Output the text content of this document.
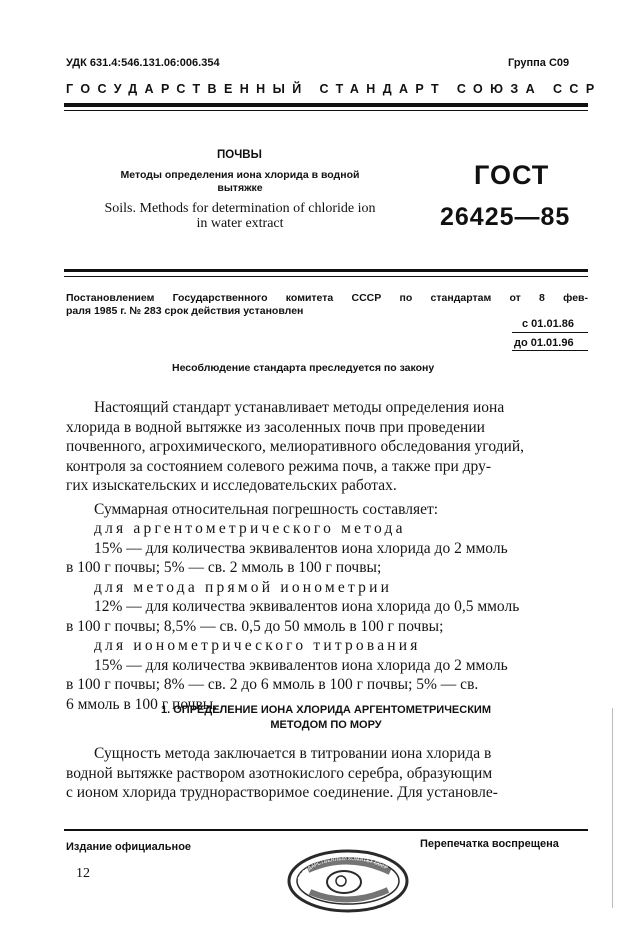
УДК 631.4:546.131.06:006.354	Группа С09
ГОСУДАРСТВЕННЫЙ СТАНДАРТ СОЮЗА ССР
ПОЧВЫ
Методы определения иона хлорида в водной
вытяжке
Soils. Methods for determination of chloride ion
in water extract
ГОСТ
26425—85
Постановлением Государственного комитета СССР по стандартам от 8 фев-
раля 1985 г. № 283 срок действия установлен
с 01.01.86
до 01.01.96
Несоблюдение стандарта преследуется по закону

Настоящий стандарт устанавливает методы определения иона

хлорида в водной вытяжке из засоленных почв при проведении

почвенного, агрохимического, мелиоративного обследования угодий,

контроля за состоянием солевого режима почв, а также при дру-

гих изыскательских и исследовательских работах.

Суммарная относительная погрешность составляет:

для аргентометрического метода

15% — для количества эквивалентов иона хлорида до 2 ммоль

в 100 г почвы; 5% — св. 2 ммоль в 100 г почвы;

для метода прямой ионометрии

12% — для количества эквивалентов иона хлорида до 0,5 ммоль

в 100 г почвы; 8,5% — св. 0,5 до 50 ммоль в 100 г почвы;

для ионометрического титрования

15% — для количества эквивалентов иона хлорида до 2 ммоль

в 100 г почвы; 8% — св. 2 до 6 ммоль в 100 г почвы; 5% — св.

6 ммоль в 100 г почвы.

1. ОПРЕДЕЛЕНИЕ ИОНА ХЛОРИДА АРГЕНТОМЕТРИЧЕСКИМ
МЕТОДОМ ПО МОРУ

Сущность метода заключается в титровании иона хлорида в

водной вытяжке раствором азотнокислого серебра, образующим

с ионом хлорида труднорастворимое соединение. Для установле-

Издание официальное	Перепечатка воспрещена
12	ГОСУДАРСТВЕННЫЙ КОМИТЕТ СССР
